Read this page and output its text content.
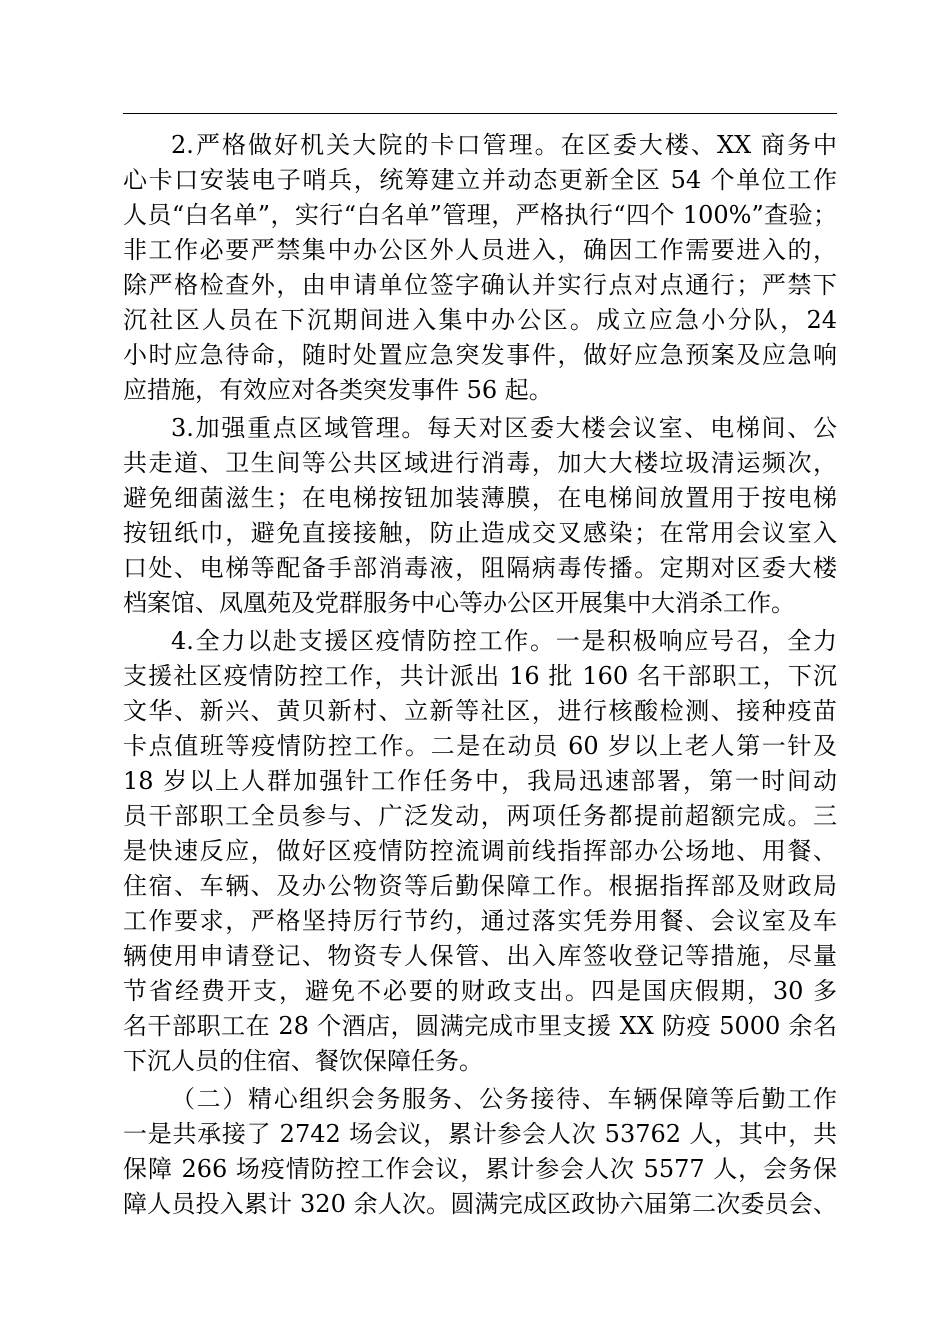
2.严格做好机关大院的卡口管理。在区委大楼、XX 商务中
心卡口安装电子哨兵，统筹建立并动态更新全区 54 个单位工作
人员“白名单”，实行“白名单”管理，严格执行“四个 100%”查验；
非工作必要严禁集中办公区外人员进入，确因工作需要进入的，
除严格检查外，由申请单位签字确认并实行点对点通行；严禁下
沉社区人员在下沉期间进入集中办公区。成立应急小分队，24
小时应急待命，随时处置应急突发事件，做好应急预案及应急响
应措施，有效应对各类突发事件 56 起。
3.加强重点区域管理。每天对区委大楼会议室、电梯间、公
共走道、卫生间等公共区域进行消毒，加大大楼垃圾清运频次，
避免细菌滋生；在电梯按钮加装薄膜，在电梯间放置用于按电梯
按钮纸巾，避免直接接触，防止造成交叉感染；在常用会议室入
口处、电梯等配备手部消毒液，阻隔病毒传播。定期对区委大楼
档案馆、凤凰苑及党群服务中心等办公区开展集中大消杀工作。
4.全力以赴支援区疫情防控工作。一是积极响应号召，全力
支援社区疫情防控工作，共计派出 16 批 160 名干部职工，下沉
文华、新兴、黄贝新村、立新等社区，进行核酸检测、接种疫苗
卡点值班等疫情防控工作。二是在动员 60 岁以上老人第一针及
18 岁以上人群加强针工作任务中，我局迅速部署，第一时间动
员干部职工全员参与、广泛发动，两项任务都提前超额完成。三
是快速反应，做好区疫情防控流调前线指挥部办公场地、用餐、
住宿、车辆、及办公物资等后勤保障工作。根据指挥部及财政局
工作要求，严格坚持厉行节约，通过落实凭券用餐、会议室及车
辆使用申请登记、物资专人保管、出入库签收登记等措施，尽量
节省经费开支，避免不必要的财政支出。四是国庆假期，30 多
名干部职工在 28 个酒店，圆满完成市里支援 XX 防疫 5000 余名
下沉人员的住宿、餐饮保障任务。
（二）精心组织会务服务、公务接待、车辆保障等后勤工作
一是共承接了 2742 场会议，累计参会人次 53762 人，其中，共
保障 266 场疫情防控工作会议，累计参会人次 5577 人，会务保
障人员投入累计 320 余人次。圆满完成区政协六届第二次委员会、
